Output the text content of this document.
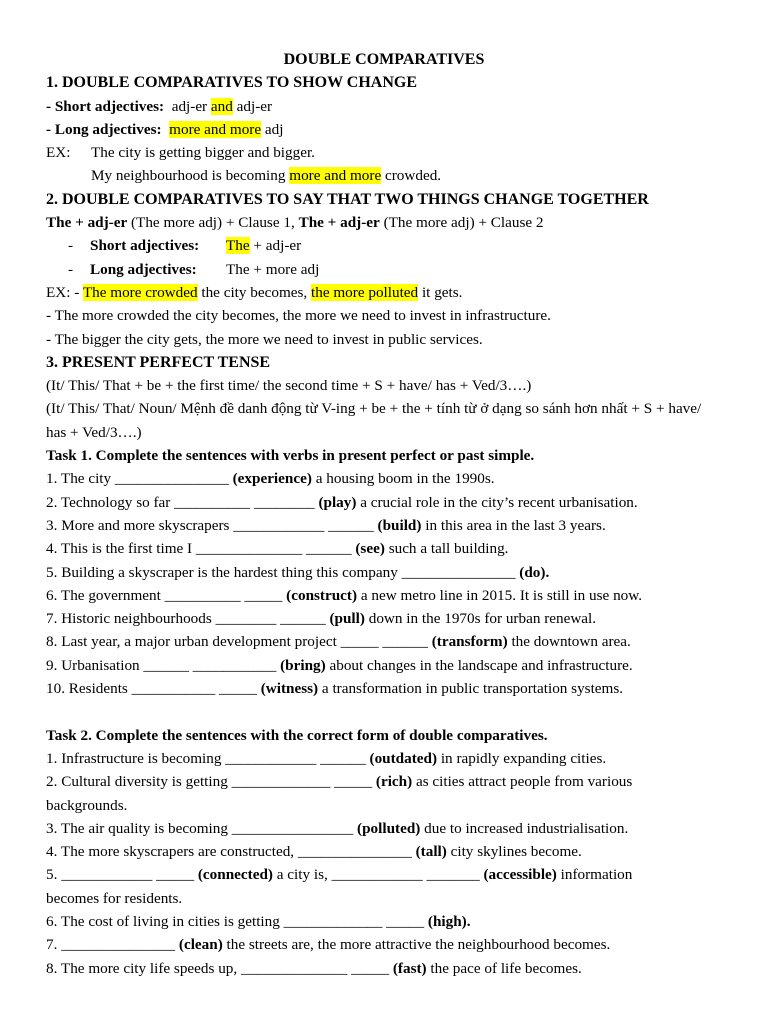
DOUBLE COMPARATIVES
1. DOUBLE COMPARATIVES TO SHOW CHANGE
- Short adjectives: adj-er and adj-er
- Long adjectives: more and more adj
EX: The city is getting bigger and bigger.
My neighbourhood is becoming more and more crowded.
2. DOUBLE COMPARATIVES TO SAY THAT TWO THINGS CHANGE TOGETHER
The + adj-er (The more adj) + Clause 1, The + adj-er (The more adj) + Clause 2
- Short adjectives: The + adj-er
- Long adjectives: The + more adj
EX: - The more crowded the city becomes, the more polluted it gets.
- The more crowded the city becomes, the more we need to invest in infrastructure.
- The bigger the city gets, the more we need to invest in public services.
3. PRESENT PERFECT TENSE
(It/ This/ That + be + the first time/ the second time + S + have/ has + Ved/3….)
(It/ This/ That/ Noun/ Mệnh đề danh động từ V-ing + be + the + tính từ ở dạng so sánh hơn nhất + S + have/ has + Ved/3….)
Task 1. Complete the sentences with verbs in present perfect or past simple.
1. The city _______________ (experience) a housing boom in the 1990s.
2. Technology so far __________ ________ (play) a crucial role in the city’s recent urbanisation.
3. More and more skyscrapers ____________ ______ (build) in this area in the last 3 years.
4. This is the first time I ______________ ______ (see) such a tall building.
5. Building a skyscraper is the hardest thing this company _______________ (do).
6. The government __________ _____ (construct) a new metro line in 2015. It is still in use now.
7. Historic neighbourhoods ________ ______ (pull) down in the 1970s for urban renewal.
8. Last year, a major urban development project _____ ______ (transform) the downtown area.
9. Urbanisation ______ ___________ (bring) about changes in the landscape and infrastructure.
10. Residents ___________ _____ (witness) a transformation in public transportation systems.
Task 2. Complete the sentences with the correct form of double comparatives.
1. Infrastructure is becoming ____________ ______ (outdated) in rapidly expanding cities.
2. Cultural diversity is getting _____________ _____ (rich) as cities attract people from various
backgrounds.
3. The air quality is becoming ________________ (polluted) due to increased industrialisation.
4. The more skyscrapers are constructed, _______________ (tall) city skylines become.
5. ____________ _____ (connected) a city is, ____________ _______ (accessible) information
becomes for residents.
6. The cost of living in cities is getting _____________ _____ (high).
7. _______________ (clean) the streets are, the more attractive the neighbourhood becomes.
8. The more city life speeds up, ______________ _____ (fast) the pace of life becomes.
